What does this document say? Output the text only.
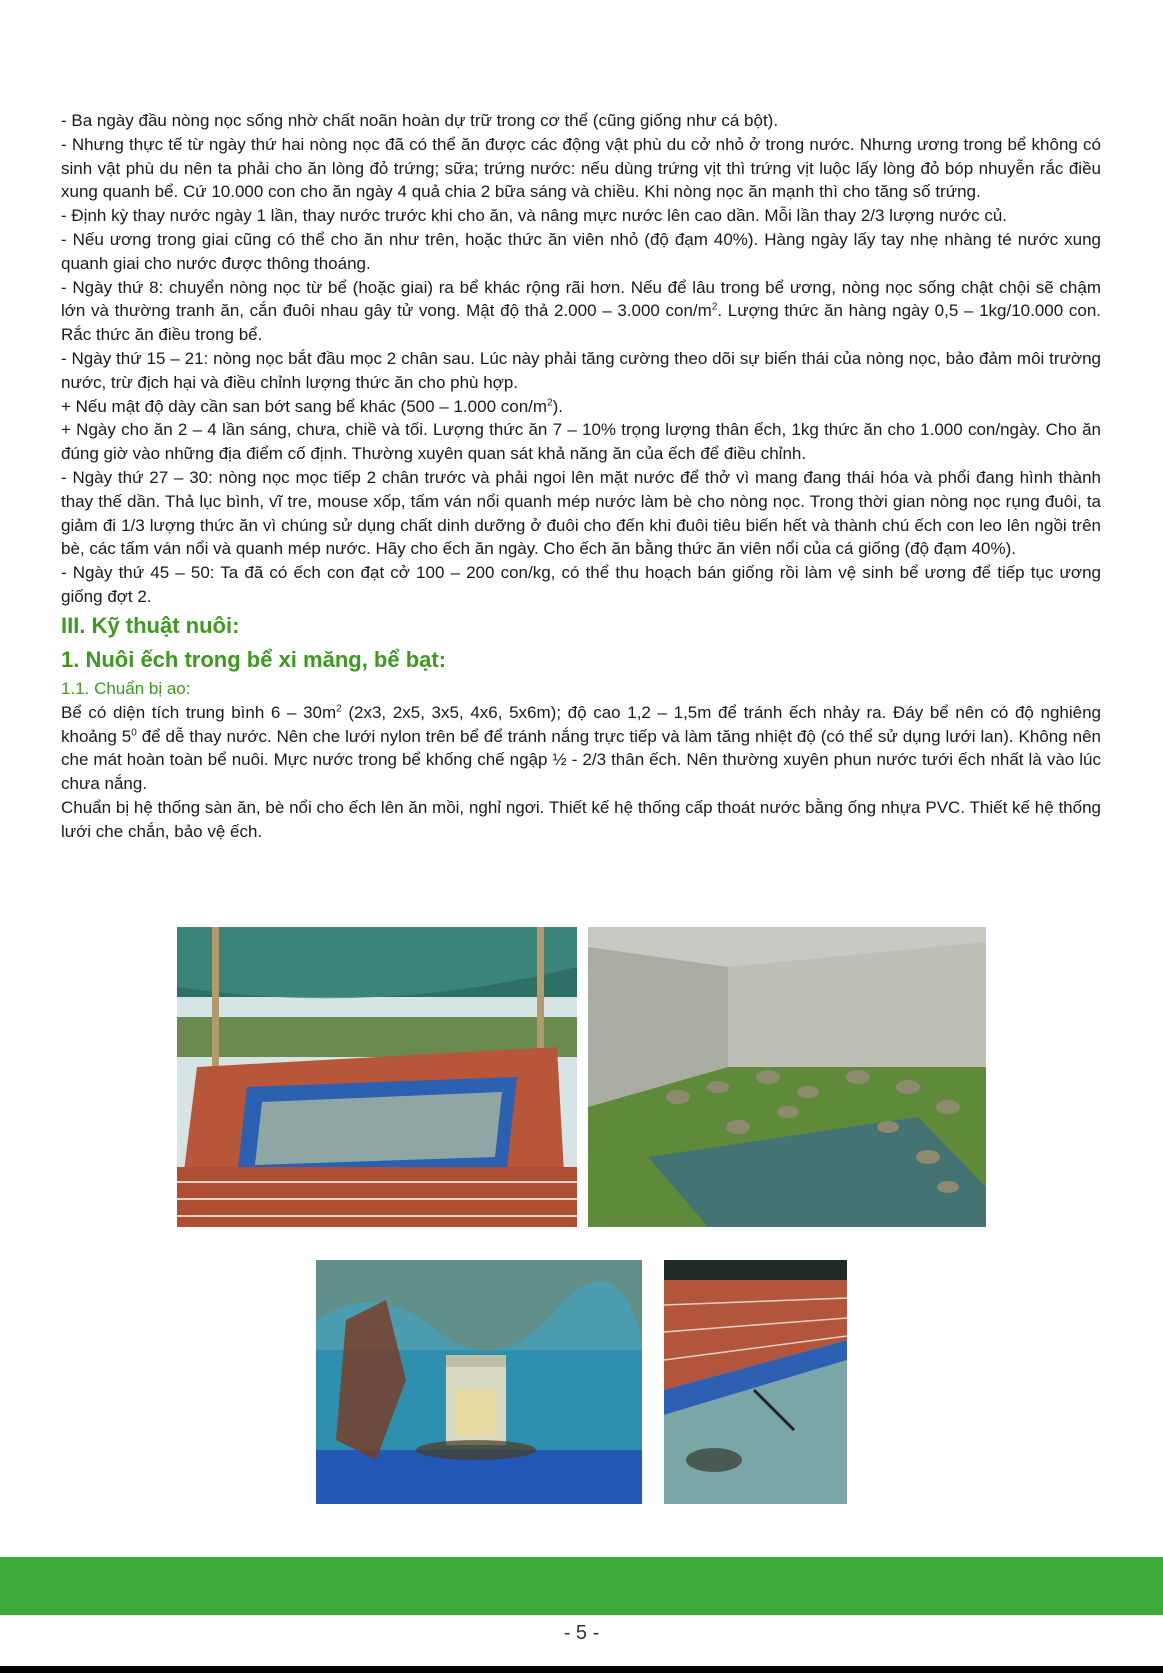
- Ba ngày đầu nòng nọc sống nhờ chất noãn hoàn dự trữ trong cơ thể (cũng giống như cá bột).

- Nhưng thực tế từ ngày thứ hai nòng nọc đã có thể ăn được các động vật phù du cở nhỏ ở trong nước. Nhưng ương trong bể không có sinh vật phù du nên ta phải cho ăn lòng đỏ trứng; sữa; trứng nước: nếu dùng trứng vịt thì trứng vịt luộc lấy lòng đỏ bóp nhuyễn rắc điều xung quanh bể. Cứ 10.000 con cho ăn ngày 4 quả chia 2 bữa sáng và chiều. Khi nòng nọc ăn mạnh thì cho tăng số trứng.

- Định kỳ thay nước ngày 1 lần, thay nước trước khi cho ăn, và nâng mực nước lên cao dần. Mỗi lần thay 2/3 lượng nước củ.

- Nếu ương trong giai cũng có thể cho ăn như trên, hoặc thức ăn viên nhỏ (độ đạm 40%). Hàng ngày lấy tay nhẹ nhàng té nước xung quanh giai cho nước được thông thoáng.

- Ngày thứ 8: chuyển nòng nọc từ bể (hoặc giai) ra bể khác rộng rãi hơn. Nếu để lâu trong bể ương, nòng nọc sống chật chội sẽ chậm lớn và thường tranh ăn, cắn đuôi nhau gây tử vong. Mật độ thả 2.000 – 3.000 con/$m^2$. Lượng thức ăn hàng ngày 0,5 – 1kg/10.000 con. Rắc thức ăn điều trong bể.

- Ngày thứ 15 – 21: nòng nọc bắt đầu mọc 2 chân sau. Lúc này phải tăng cường theo dõi sự biến thái của nòng nọc, bảo đảm môi trường nước, trừ địch hại và điều chỉnh lượng thức ăn cho phù hợp.

+ Nếu mật độ dày cần san bớt sang bể khác (500 – 1.000 con/$m^2$).

+ Ngày cho ăn 2 – 4 lần sáng, chưa, chiề và tối. Lượng thức ăn 7 – 10% trọng lượng thân ếch, 1kg thức ăn cho 1.000 con/ngày. Cho ăn đúng giờ vào những địa điểm cố định. Thường xuyên quan sát khả năng ăn của ếch để điều chỉnh.

- Ngày thứ 27 – 30: nòng nọc mọc tiếp 2 chân trước và phải ngoi lên mặt nước để thở vì mang đang thái hóa và phổi đang hình thành thay thế dần. Thả lục bình, vĩ tre, mouse xốp, tấm ván nổi quanh mép nước làm bè cho nòng nọc. Trong thời gian nòng nọc rụng đuôi, ta giảm đi 1/3 lượng thức ăn vì chúng sử dụng chất dinh dưỡng ở đuôi cho đến khi đuôi tiêu biến hết và thành chú ếch con leo lên ngồi trên bè, các tấm ván nổi và quanh mép nước. Hãy cho ếch ăn ngày. Cho ếch ăn bằng thức ăn viên nổi của cá giống (độ đạm 40%).

- Ngày thứ 45 – 50: Ta đã có ếch con đạt cở 100 – 200 con/kg, có thể thu hoạch bán giống rồi làm vệ sinh bể ương để tiếp tục ương giống đợt 2.

III. Kỹ thuật nuôi:

1. Nuôi ếch trong bể xi măng, bể bạt:

1.1. Chuẩn bị ao:

Bể có diện tích trung bình $6 - 30m^2$ (2x3, 2x5, 3x5, 4x6, 5x6m); độ cao 1,2 – 1,5m để tránh ếch nhảy ra. Đáy bể nên có độ nghiêng khoảng $5^0$ để dễ thay nước. Nên che lưới nylon trên bể để tránh nắng trực tiếp và làm tăng nhiệt độ (có thể sử dụng lưới lan). Không nên che mát hoàn toàn bể nuôi. Mực nước trong bể khống chế ngập ½ - 2/3 thân ếch. Nên thường xuyên phun nước tưới ếch nhất là vào lúc chưa nắng.

Chuẩn bị hệ thống sàn ăn, bè nổi cho ếch lên ăn mồi, nghỉ ngơi. Thiết kế hệ thống cấp thoát nước bằng ống nhựa PVC. Thiết kế hệ thống lưới che chắn, bảo vệ ếch.

- 5 -
